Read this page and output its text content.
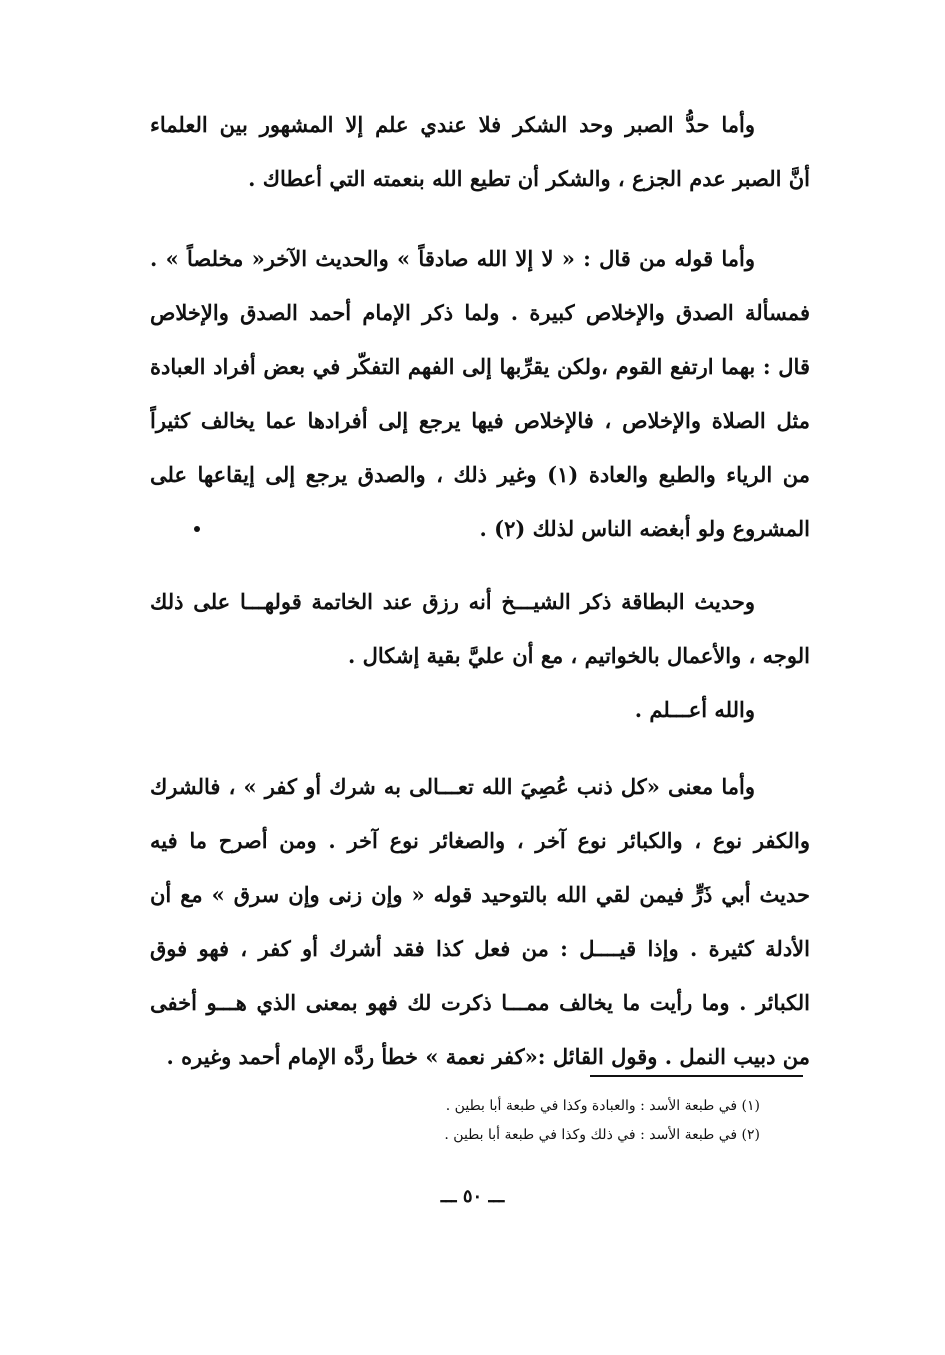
وأما حدُّ الصبر وحد الشكر فلا عندي علم إلا المشهور بين العلماء
أنَّ الصبر عدم الجزع ، والشكر أن تطيع الله بنعمته التي أعطاك .
وأما قوله من قال : « لا إلا الله صادقاً » والحديث الآخر« مخلصاً » .
فمسألة الصدق والإخلاص كبيرة . ولما ذكر الإمام أحمد الصدق والإخلاص
قال : بهما ارتفع القوم ،ولكن يقرِّبها إلى الفهم التفكّر في بعض أفراد العبادة
مثل الصلاة والإخلاص ، فالإخلاص فيها يرجع إلى أفرادها عما يخالف كثيراً
من الرياء والطبع والعادة (١) وغير ذلك ، والصدق يرجع إلى إيقاعها على
المشروع ولو أبغضه الناس لذلك (٢) .
وحديث البطاقة ذكر الشيـــخ أنه رزق عند الخاتمة قولهـــا على ذلك
الوجه ، والأعمال بالخواتيم ، مع أن عليَّ بقية إشكال .
والله أعـــلم .
وأما معنى «كل ذنب عُصِيَ الله تعـــالى به شرك أو كفر » ، فالشرك
والكفر نوع ، والكبائر نوع آخر ، والصغائر نوع آخر . ومن أصرح ما فيه
حديث أبي ذَرٍّ فيمن لقي الله بالتوحيد قوله « وإن زنى وإن سرق » مع أن
الأدلة كثيرة . وإذا قيــــل : من فعل كذا فقد أشرك أو كفر ، فهو فوق
الكبائر . وما رأيت ما يخالف ممـــا ذكرت لك فهو بمعنى الذي هـــو أخفى
من دبيب النمل . وقول القائل :«كفر نعمة » خطأ ردَّه الإمام أحمد وغيره .
(١) في طبعة الأسد : والعبادة وكذا في طبعة أبا بطين .
(٢) في طبعة الأسد : في ذلك وكذا في طبعة أبا بطين .
ـــ ٥٠ ـــ
